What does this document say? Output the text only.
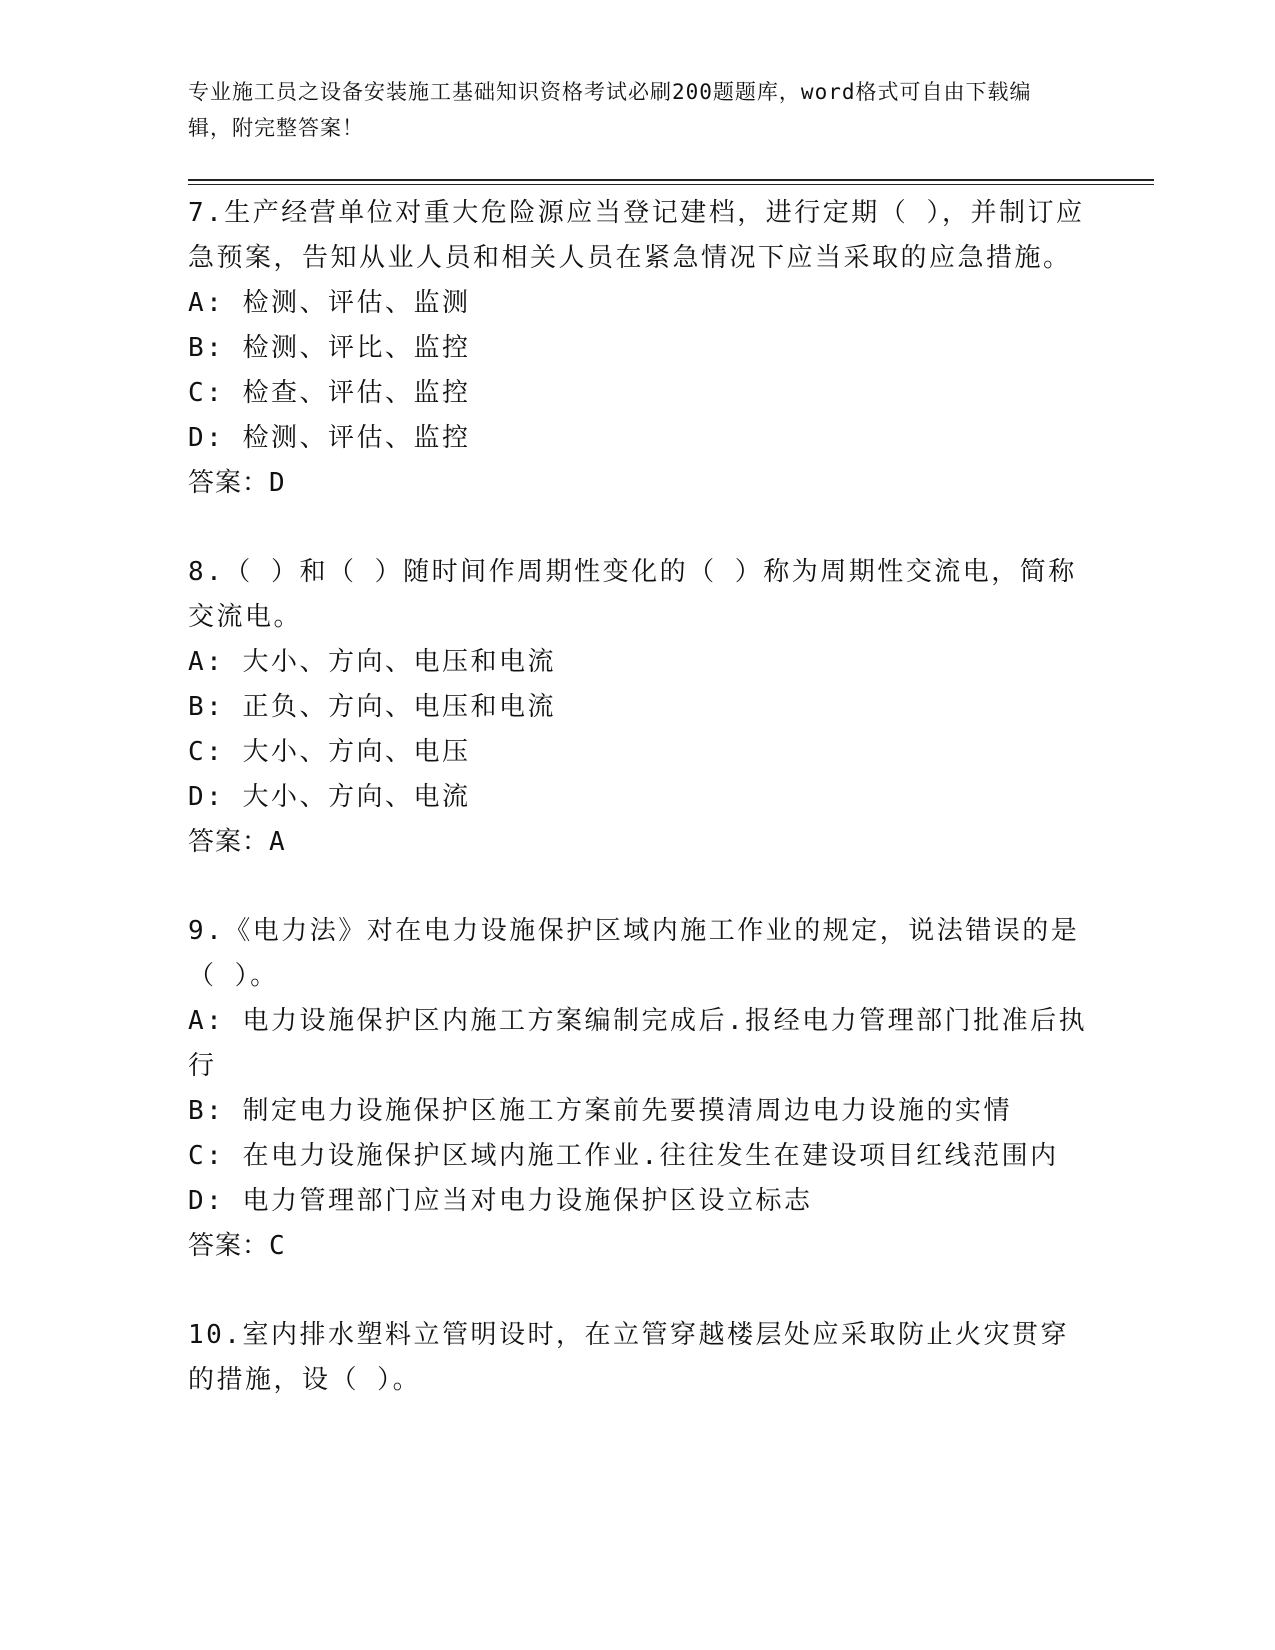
专业施工员之设备安装施工基础知识资格考试必刷200题题库，word格式可自由下载编辑，附完整答案！

7.生产经营单位对重大危险源应当登记建档，进行定期（ ），并制订应急预案，告知从业人员和相关人员在紧急情况下应当采取的应急措施。

A: 检测、评估、监测

B: 检测、评比、监控

C: 检查、评估、监控

D: 检测、评估、监控

答案：D

8.（ ）和（ ）随时间作周期性变化的（ ）称为周期性交流电，简称交流电。

A: 大小、方向、电压和电流

B: 正负、方向、电压和电流

C: 大小、方向、电压

D: 大小、方向、电流

答案：A

9.《电力法》对在电力设施保护区域内施工作业的规定，说法错误的是（ ）。

A: 电力设施保护区内施工方案编制完成后.报经电力管理部门批准后执行

B: 制定电力设施保护区施工方案前先要摸清周边电力设施的实情

C: 在电力设施保护区域内施工作业.往往发生在建设项目红线范围内

D: 电力管理部门应当对电力设施保护区设立标志

答案：C

10.室内排水塑料立管明设时，在立管穿越楼层处应采取防止火灾贯穿的措施，设（ ）。
